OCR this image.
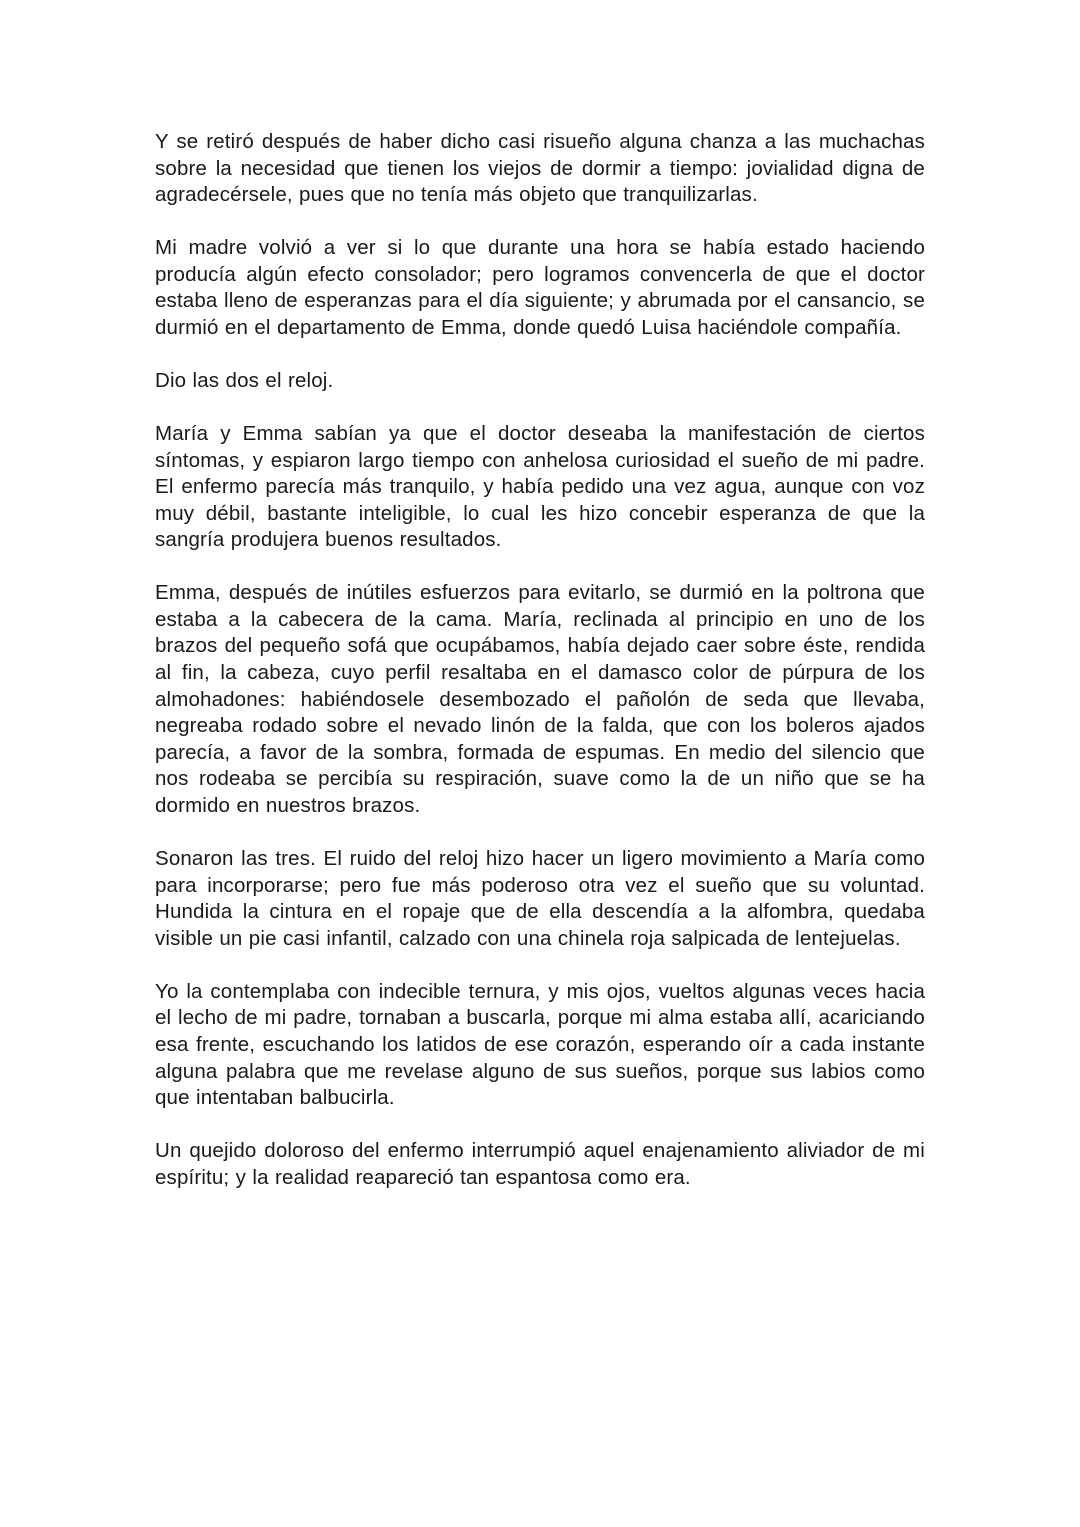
Y se retiró después de haber dicho casi risueño alguna chanza a las muchachas sobre la necesidad que tienen los viejos de dormir a tiempo: jovialidad digna de agradecérsele, pues que no tenía más objeto que tranquilizarlas.

Mi madre volvió a ver si lo que durante una hora se había estado haciendo producía algún efecto consolador; pero logramos convencerla de que el doctor estaba lleno de esperanzas para el día siguiente; y abrumada por el cansancio, se durmió en el departamento de Emma, donde quedó Luisa haciéndole compañía.

Dio las dos el reloj.

María y Emma sabían ya que el doctor deseaba la manifestación de ciertos síntomas, y espiaron largo tiempo con anhelosa curiosidad el sueño de mi padre. El enfermo parecía más tranquilo, y había pedido una vez agua, aunque con voz muy débil, bastante inteligible, lo cual les hizo concebir esperanza de que la sangría produjera buenos resultados.

Emma, después de inútiles esfuerzos para evitarlo, se durmió en la poltrona que estaba a la cabecera de la cama. María, reclinada al principio en uno de los brazos del pequeño sofá que ocupábamos, había dejado caer sobre éste, rendida al fin, la cabeza, cuyo perfil resaltaba en el damasco color de púrpura de los almohadones: habiéndosele desembozado el pañolón de seda que llevaba, negreaba rodado sobre el nevado linón de la falda, que con los boleros ajados parecía, a favor de la sombra, formada de espumas. En medio del silencio que nos rodeaba se percibía su respiración, suave como la de un niño que se ha dormido en nuestros brazos.

Sonaron las tres. El ruido del reloj hizo hacer un ligero movimiento a María como para incorporarse; pero fue más poderoso otra vez el sueño que su voluntad. Hundida la cintura en el ropaje que de ella descendía a la alfombra, quedaba visible un pie casi infantil, calzado con una chinela roja salpicada de lentejuelas.

Yo la contemplaba con indecible ternura, y mis ojos, vueltos algunas veces hacia el lecho de mi padre, tornaban a buscarla, porque mi alma estaba allí, acariciando esa frente, escuchando los latidos de ese corazón, esperando oír a cada instante alguna palabra que me revelase alguno de sus sueños, porque sus labios como que intentaban balbucirla.

Un quejido doloroso del enfermo interrumpió aquel enajenamiento aliviador de mi espíritu; y la realidad reapareció tan espantosa como era.
